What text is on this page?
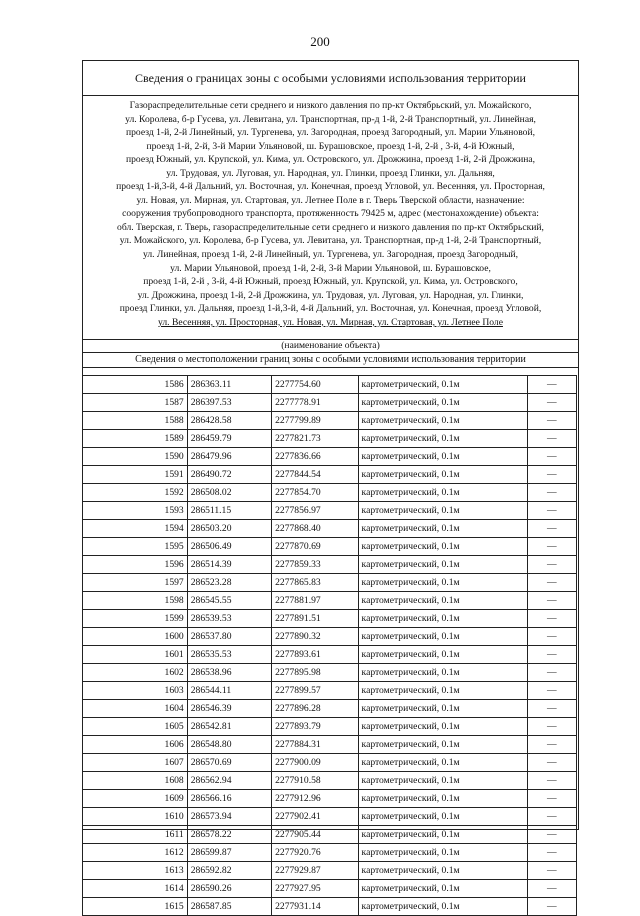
200
Сведения о границах зоны с особыми условиями использования территории
Газораспределительные сети среднего и низкого давления по пр-кт Октябрьский, ул. Можайского,
ул. Королева, б-р Гусева, ул. Левитана, ул. Транспортная, пр-д 1-й, 2-й Транспортный, ул. Линейная,
проезд 1-й, 2-й Линейный, ул. Тургенева, ул. Загородная, проезд Загородный, ул. Марии Ульяновой,
проезд 1-й, 2-й, 3-й Марии Ульяновой, ш. Бурашовское, проезд 1-й, 2-й , 3-й, 4-й Южный,
проезд Южный, ул. Крупской, ул. Кима, ул. Островского, ул. Дрожжина, проезд 1-й, 2-й Дрожжина,
ул. Трудовая, ул. Луговая, ул. Народная, ул. Глинки, проезд Глинки, ул. Дальняя,
проезд 1-й,3-й, 4-й Дальний, ул. Восточная, ул. Конечная, проезд Угловой, ул. Весенняя, ул. Просторная,
ул. Новая, ул. Мирная, ул. Стартовая, ул. Летнее Поле в г. Тверь Тверской области, назначение:
сооружения трубопроводного транспорта, протяженность 79425 м, адрес (местонахождение) объекта:
обл. Тверская, г. Тверь, газораспределительные сети среднего и низкого давления по пр-кт Октябрьский,
ул. Можайского, ул. Королева, б-р Гусева, ул. Левитана, ул. Транспортная, пр-д 1-й, 2-й Транспортный,
ул. Линейная, проезд 1-й, 2-й Линейный, ул. Тургенева, ул. Загородная, проезд Загородный,
ул. Марии Ульяновой, проезд 1-й, 2-й, 3-й Марии Ульяновой, ш. Бурашовское,
проезд 1-й, 2-й , 3-й, 4-й Южный, проезд Южный, ул. Крупской, ул. Кима, ул. Островского,
ул. Дрожжина, проезд 1-й, 2-й Дрожжина, ул. Трудовая, ул. Луговая, ул. Народная, ул. Глинки,
проезд Глинки, ул. Дальняя, проезд 1-й,3-й, 4-й Дальний, ул. Восточная, ул. Конечная, проезд Угловой,
ул. Весенняя, ул. Просторная, ул. Новая, ул. Мирная, ул. Стартовая, ул. Летнее Поле
(наименование объекта)
Сведения о местоположении границ зоны с особыми условиями использования территории
1586	286363.11	2277754.60	картометрический, 0.1м	—
1587	286397.53	2277778.91	картометрический, 0.1м	—
1588	286428.58	2277799.89	картометрический, 0.1м	—
1589	286459.79	2277821.73	картометрический, 0.1м	—
1590	286479.96	2277836.66	картометрический, 0.1м	—
1591	286490.72	2277844.54	картометрический, 0.1м	—
1592	286508.02	2277854.70	картометрический, 0.1м	—
1593	286511.15	2277856.97	картометрический, 0.1м	—
1594	286503.20	2277868.40	картометрический, 0.1м	—
1595	286506.49	2277870.69	картометрический, 0.1м	—
1596	286514.39	2277859.33	картометрический, 0.1м	—
1597	286523.28	2277865.83	картометрический, 0.1м	—
1598	286545.55	2277881.97	картометрический, 0.1м	—
1599	286539.53	2277891.51	картометрический, 0.1м	—
1600	286537.80	2277890.32	картометрический, 0.1м	—
1601	286535.53	2277893.61	картометрический, 0.1м	—
1602	286538.96	2277895.98	картометрический, 0.1м	—
1603	286544.11	2277899.57	картометрический, 0.1м	—
1604	286546.39	2277896.28	картометрический, 0.1м	—
1605	286542.81	2277893.79	картометрический, 0.1м	—
1606	286548.80	2277884.31	картометрический, 0.1м	—
1607	286570.69	2277900.09	картометрический, 0.1м	—
1608	286562.94	2277910.58	картометрический, 0.1м	—
1609	286566.16	2277912.96	картометрический, 0.1м	—
1610	286573.94	2277902.41	картометрический, 0.1м	—
1611	286578.22	2277905.44	картометрический, 0.1м	—
1612	286599.87	2277920.76	картометрический, 0.1м	—
1613	286592.82	2277929.87	картометрический, 0.1м	—
1614	286590.26	2277927.95	картометрический, 0.1м	—
1615	286587.85	2277931.14	картометрический, 0.1м	—
